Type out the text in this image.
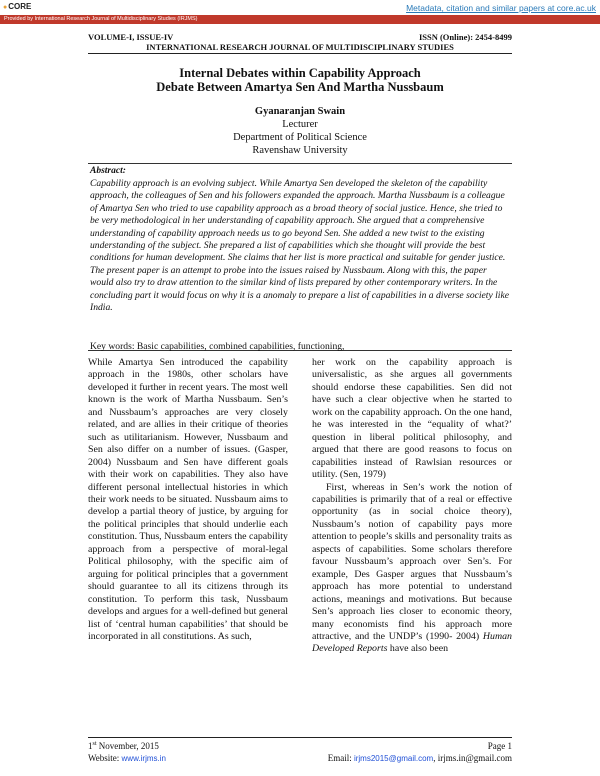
●CORE	Metadata, citation and similar papers at core.ac.uk
Provided by International Research Journal of Multidisciplinary Studies (IRJMS)
VOLUME-I, ISSUE-IV	ISSN (Online): 2454-8499
INTERNATIONAL RESEARCH JOURNAL OF MULTIDISCIPLINARY STUDIES
Internal Debates within Capability Approach
Debate Between Amartya Sen And Martha Nussbaum
Gyanaranjan Swain
Lecturer
Department of Political Science
Ravenshaw University
Abstract:
Capability approach is an evolving subject. While Amartya Sen developed the skeleton of the capability approach, the colleagues of Sen and his followers expanded the approach. Martha Nussbaum is a colleague of Amartya Sen who tried to use capability approach as a broad theory of social justice. Hence, she tried to be very methodological in her understanding of capability approach. She argued that a comprehensive understanding of capability approach needs us to go beyond Sen. She added a new twist to the existing understanding of the subject. She prepared a list of capabilities which she thought will provide the best conditions for human development. She claims that her list is more practical and suitable for gender justice. The present paper is an attempt to probe into the issues raised by Nussbaum. Along with this, the paper would also try to draw attention to the similar kind of lists prepared by other contemporary writers. In the concluding part it would focus on why it is a anomaly to prepare a list of capabilities in a diverse society like India.
Key words: Basic capabilities, combined capabilities, functioning,

While Amartya Sen introduced the capability approach in the 1980s, other scholars have developed it further in recent years. The most well known is the work of Martha Nussbaum. Sen’s and Nussbaum’s approaches are very closely related, and are allies in their critique of theories such as utilitarianism. However, Nussbaum and Sen also differ on a number of issues. (Gasper, 2004) Nussbaum and Sen have different goals with their work on capabilities. They also have different personal intellectual histories in which their work needs to be situated. Nussbaum aims to develop a partial theory of justice, by arguing for the political principles that should underlie each constitution. Thus, Nussbaum enters the capability approach from a perspective of moral-legal Political philosophy, with the specific aim of arguing for political principles that a government should guarantee to all its citizens through its constitution. To perform this task, Nussbaum develops and argues for a well-defined but general list of ‘central human capabilities’ that should be incorporated in all constitutions. As such,

her work on the capability approach is universalistic, as she argues all governments should endorse these capabilities. Sen did not have such a clear objective when he started to work on the capability approach. On the one hand, he was interested in the “equality of what?’ question in liberal political philosophy, and argued that there are good reasons to focus on capabilities instead of Rawlsian resources or utility. (Sen, 1979)

First, whereas in Sen’s work the notion of capabilities is primarily that of a real or effective opportunity (as in social choice theory), Nussbaum’s notion of capability pays more attention to people’s skills and personality traits as aspects of capabilities. Some scholars therefore favour Nussbaum’s approach over Sen’s. For example, Des Gasper argues that Nussbaum’s approach has more potential to understand actions, meanings and motivations. But because Sen’s approach lies closer to economic theory, many economists find his approach more attractive, and the UNDP’s (1990- 2004) Human Developed Reports have also been

1st November, 2015	Page 1
Website: www.irjms.in	Email: irjms2015@gmail.com, irjms.in@gmail.com
